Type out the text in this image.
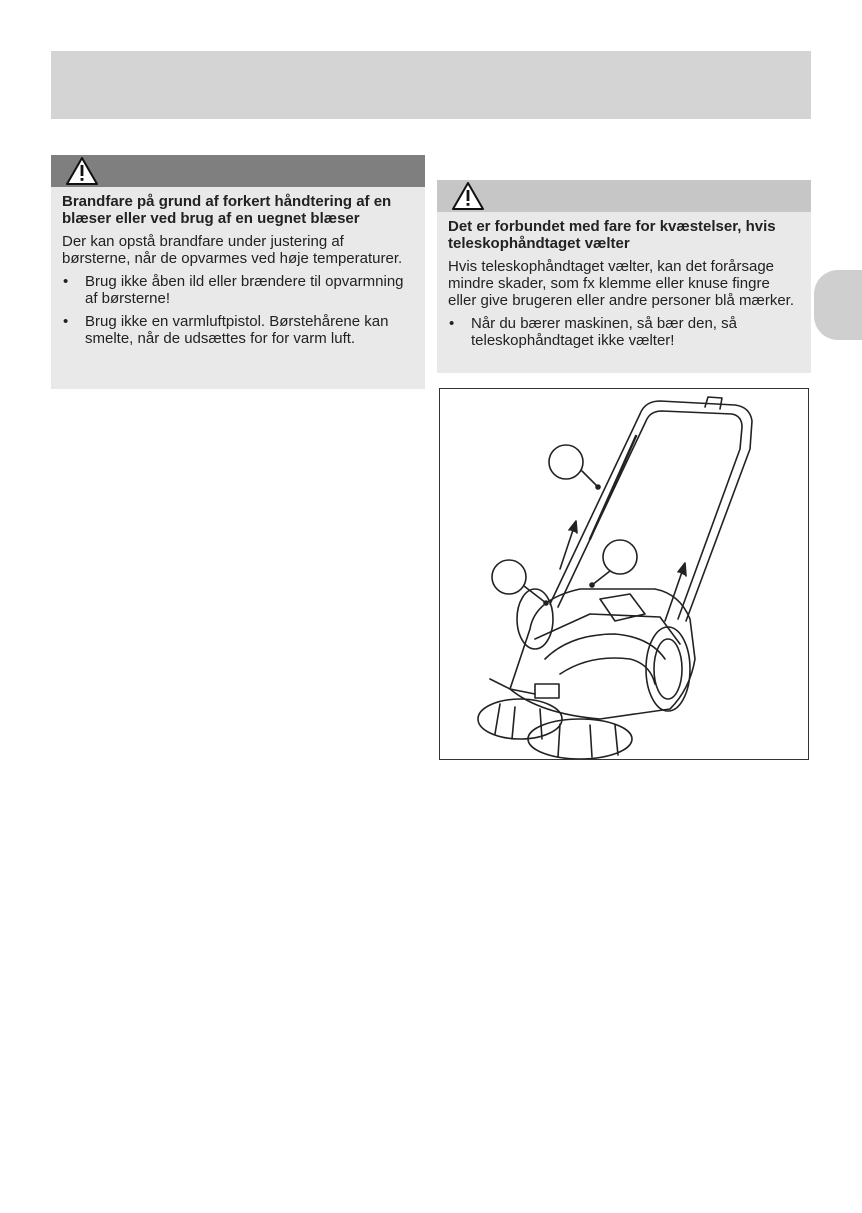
Brandfare på grund af forkert håndtering af en blæser eller ved brug af en uegnet blæser

Der kan opstå brandfare under justering af børsterne, når de opvarmes ved høje temperaturer.

• Brug ikke åben ild eller brændere til opvarmning af børsterne!
• Brug ikke en varmluftpistol. Børstehårene kan smelte, når de udsættes for for varm luft.

Det er forbundet med fare for kvæstelser, hvis teleskophåndtaget vælter

Hvis teleskophåndtaget vælter, kan det forårsage mindre skader, som fx klemme eller knuse fingre eller give brugeren eller andre personer blå mærker.

• Når du bærer maskinen, så bær den, så teleskophåndtaget ikke vælter!
